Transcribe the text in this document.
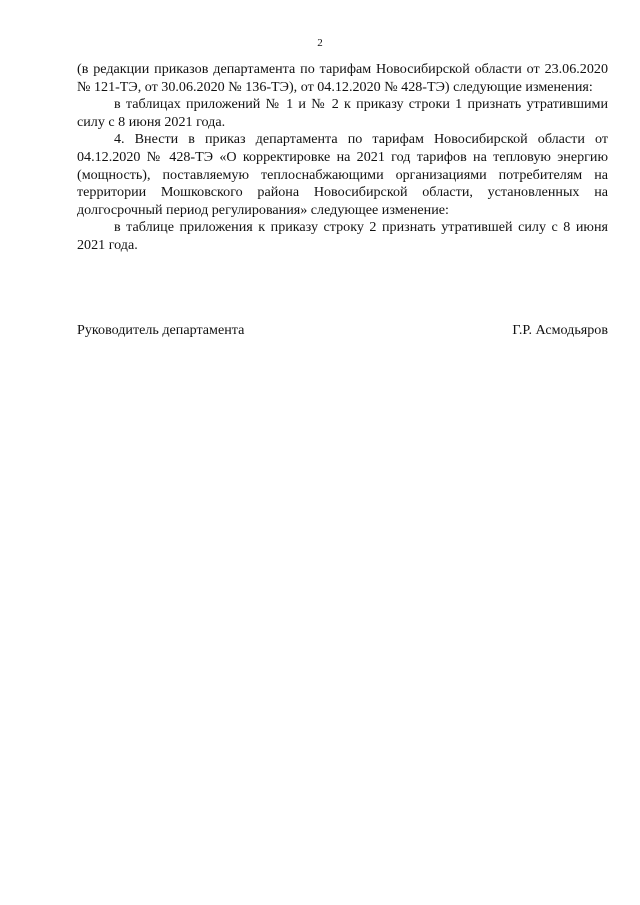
2

(в редакции приказов департамента по тарифам Новосибирской области от 23.06.2020 № 121-ТЭ, от 30.06.2020 № 136-ТЭ), от 04.12.2020 № 428-ТЭ) следующие изменения:

в таблицах приложений № 1 и № 2 к приказу строки 1 признать утратившими силу с 8 июня 2021 года.

4. Внести в приказ департамента по тарифам Новосибирской области от 04.12.2020 № 428-ТЭ «О корректировке на 2021 год тарифов на тепловую энергию (мощность), поставляемую теплоснабжающими организациями потребителям на территории Мошковского района Новосибирской области, установленных на долгосрочный период регулирования» следующее изменение:

в таблице приложения к приказу строку 2 признать утратившей силу с 8 июня 2021 года.

Руководитель департамента	Г.Р. Асмодьяров
